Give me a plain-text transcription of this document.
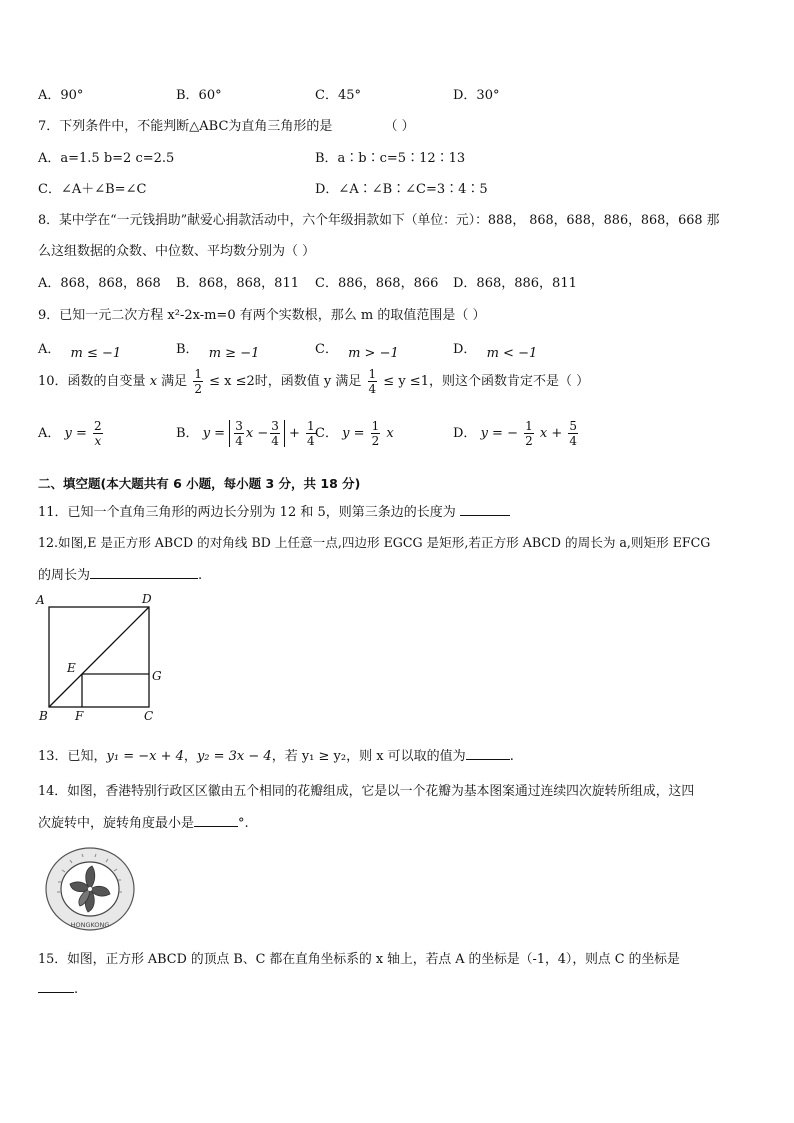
A．90°	B．60°	C．45°	D．30°
7．下列条件中，不能判断△ABC为直角三角形的是	（ ）
A．a=1.5 b=2 c=2.5	B．a∶b∶c=5∶12∶13
C．∠A＋∠B=∠C	D．∠A∶∠B∶∠C=3∶4∶5
8．某中学在“一元钱捐助”献爱心捐款活动中，六个年级捐款如下（单位：元）：888， 868，688，886，868，668 那
么这组数据的众数、中位数、平均数分别为（ ）
A．868，868，868 B．868，868，811 C．886，868，866 D．868，886，811
9．已知一元二次方程 x²-2x-m=0 有两个实数根，那么 m 的取值范围是（ ）
A． m ≤ −1	B． m ≥ −1	C． m > −1	D． m < −1
10．函数的自变量 x 满足 $\frac{1}{2} \le x \le 2$时，函数值 y 满足 $\frac{1}{4} \le y \le 1$，则这个函数肯定不是（ ）
A． $y = \frac{2}{x}$	B． $y = \frac{3}{4}$ $x - \frac{3}{4} + \frac{1}{4}$ C． $y = \frac{1}{2}$ x	D． y = − $\frac{1}{2}$ $x + \frac{5}{4}$
二、填空题(本大题共有 6 小题，每小题 3 分，共 18 分)
11．已知一个直角三角形的两边长分别为 12 和 5，则第三条边的长度为
12.如图,E 是正方形 ABCD 的对角线 BD 上任意一点,四边形 EGCG 是矩形,若正方形 ABCD 的周长为 a,则矩形 EFCG
的周长为	.
A	D
B	C
E
F
G
13．已知，y₁ = −x + 4，y₂ = 3x − 4，若 y₁ ≥ y₂，则 x 可以取的值为	.
14．如图，香港特别行政区区徽由五个相同的花瓣组成，它是以一个花瓣为基本图案通过连续四次旋转所组成，这四
次旋转中，旋转角度最小是	°.
HONGKONG
15．如图，正方形 ABCD 的顶点 B、C 都在直角坐标系的 x 轴上，若点 A 的坐标是（-1，4），则点 C 的坐标是
.
